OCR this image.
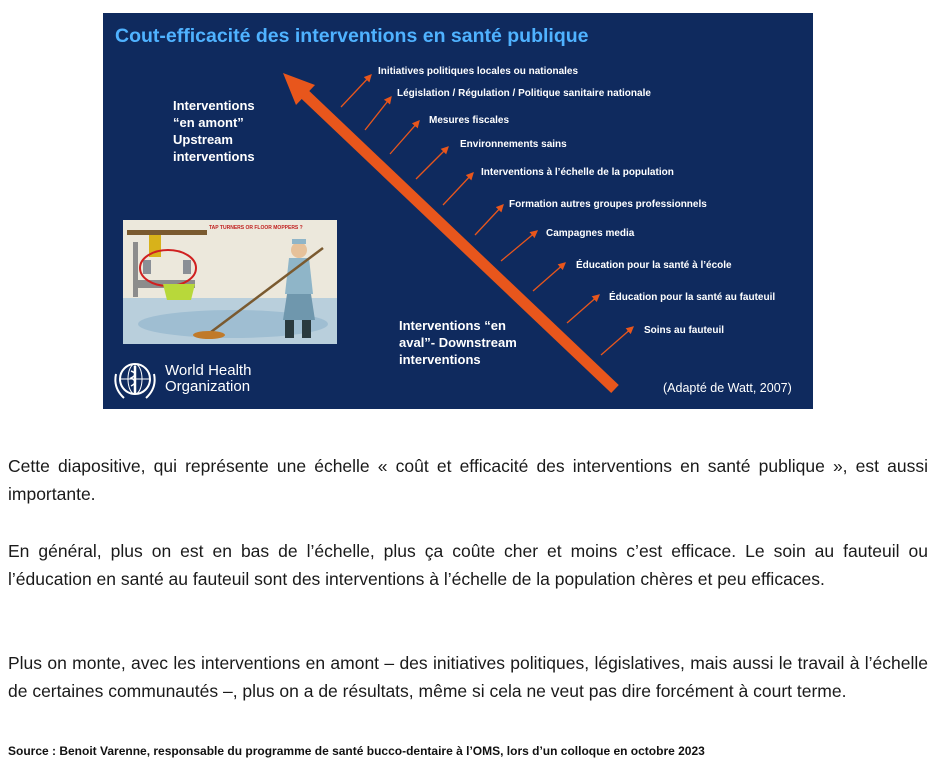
Cout-efficacité des interventions en santé publique
Initiatives politiques locales ou nationales
Législation / Régulation / Politique sanitaire nationale
Mesures fiscales
Environnements sains
Interventions à l’échelle de la population
Formation autres groupes professionnels
Campagnes media
Éducation pour la santé à l’école
Éducation pour la santé au fauteuil
Soins au fauteuil
Interventions
“en amont”
Upstream
interventions
Interventions “en
aval”- Downstream
interventions
TAP TURNERS OR FLOOR MOPPERS ?
World Health
Organization	(Adapté de Watt, 2007)

Cette diapositive, qui représente une échelle « coût et efficacité des interventions en santé publique », est aussi importante.

En général, plus on est en bas de l’échelle, plus ça coûte cher et moins c’est efficace. Le soin au fauteuil ou l’éducation en santé au fauteuil sont des interventions à l’échelle de la population chères et peu efficaces.

Plus on monte, avec les interventions en amont – des initiatives politiques, législatives, mais aussi le travail à l’échelle de certaines communautés –, plus on a de résultats, même si cela ne veut pas dire forcément à court terme.

Source : Benoit Varenne, responsable du programme de santé bucco-dentaire à l’OMS, lors d’un colloque en octobre 2023
